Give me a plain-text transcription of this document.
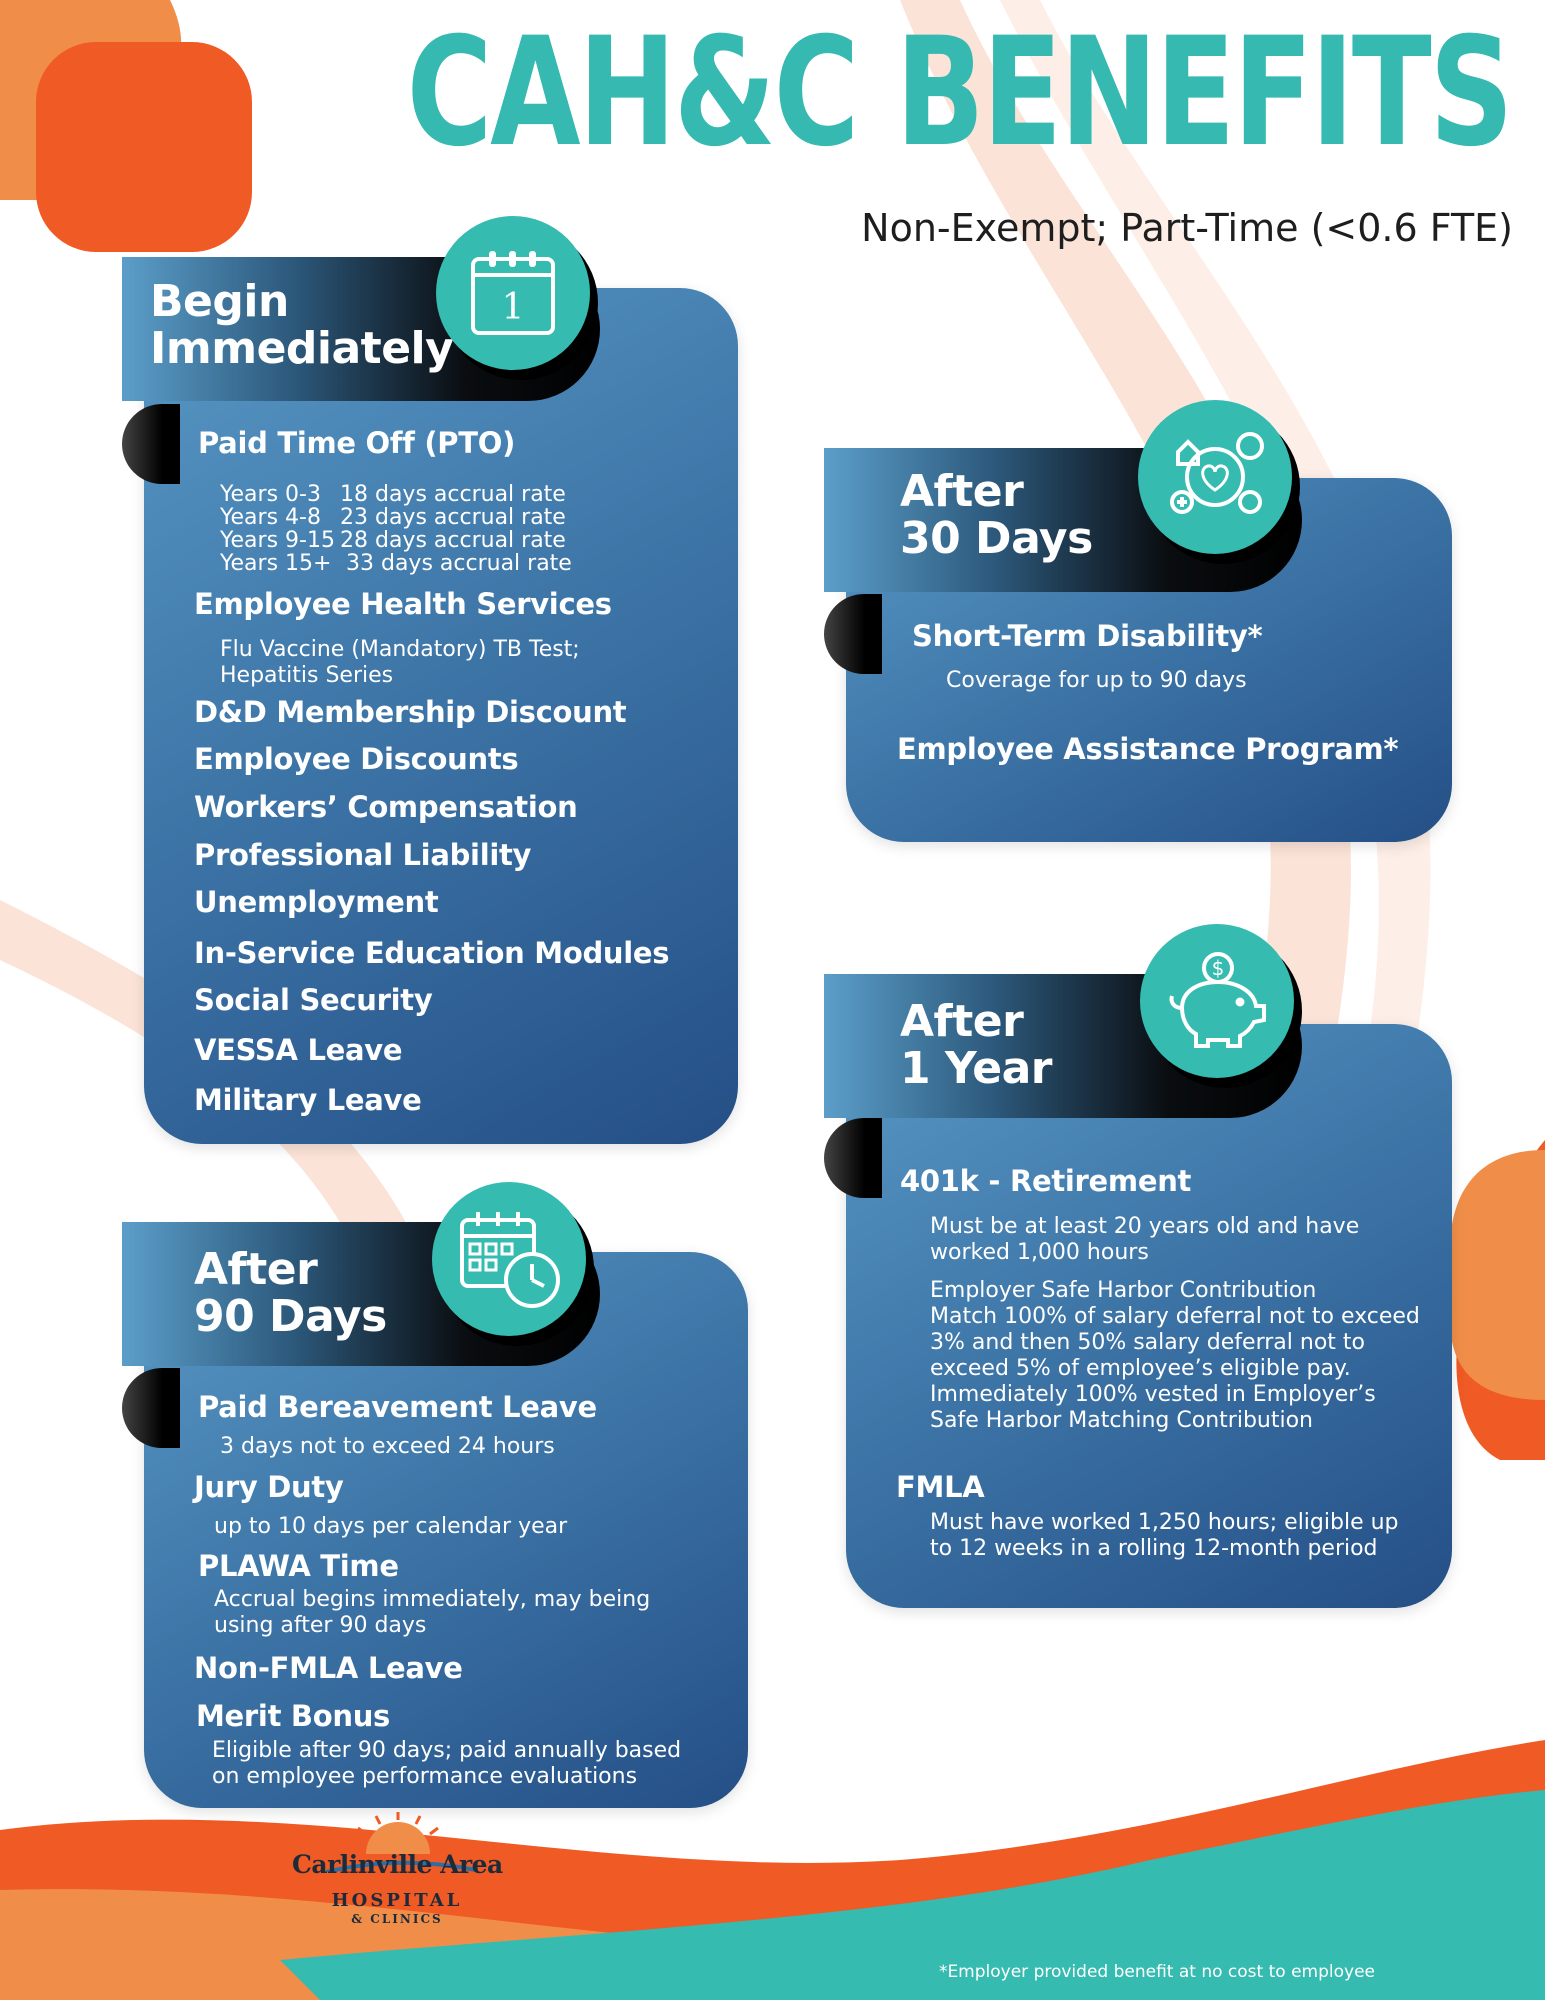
CAH&C BENEFITS
Non-Exempt; Part-Time (<0.6 FTE)
Begin
Immediately
1
Paid Time Off (PTO)
Years 0-3 18 days accrual rate
Years 4-8 23 days accrual rate
Years 9-15 28 days accrual rate
Years 15+ 33 days accrual rate
Employee Health Services
Flu Vaccine (Mandatory) TB Test;
Hepatitis Series
D&D Membership Discount
Employee Discounts
Workers’ Compensation
Professional Liability
Unemployment
In-Service Education Modules
Social Security
VESSA Leave
Military Leave
After
30 Days
Short-Term Disability*
Coverage for up to 90 days
Employee Assistance Program*
After
90 Days
Paid Bereavement Leave
3 days not to exceed 24 hours
Jury Duty
up to 10 days per calendar year
PLAWA Time
Accrual begins immediately, may being
using after 90 days
Non-FMLA Leave
Merit Bonus
Eligible after 90 days; paid annually based
on employee performance evaluations
After
1 Year
$
401k - Retirement
Must be at least 20 years old and have
worked 1,000 hours
Employer Safe Harbor Contribution
Match 100% of salary deferral not to exceed
3% and then 50% salary deferral not to
exceed 5% of employee’s eligible pay.
Immediately 100% vested in Employer’s
Safe Harbor Matching Contribution
FMLA
Must have worked 1,250 hours; eligible up
to 12 weeks in a rolling 12-month period
Carlinville Area
HOSPITAL
& CLINICS
*Employer provided benefit at no cost to employee
